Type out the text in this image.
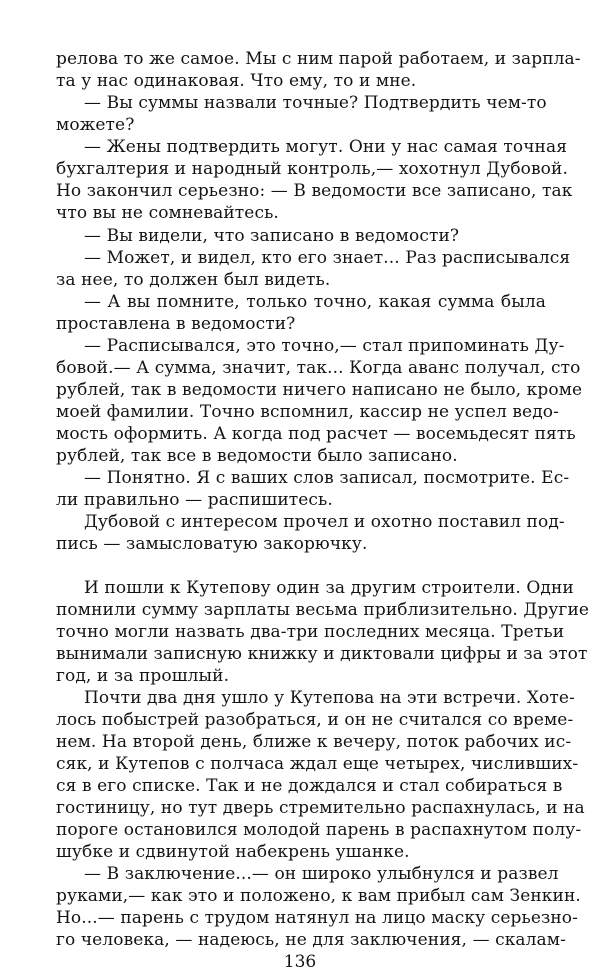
релова то же самое. Мы с ним парой работаем, и зарпла-
та у нас одинаковая. Что ему, то и мне.
— Вы суммы назвали точные? Подтвердить чем-то
можете?
— Жены подтвердить могут. Они у нас самая точная
бухгалтерия и народный контроль,— хохотнул Дубовой.
Но закончил серьезно: — В ведомости все записано, так
что вы не сомневайтесь.
— Вы видели, что записано в ведомости?
— Может, и видел, кто его знает... Раз расписывался
за нее, то должен был видеть.
— А вы помните, только точно, какая сумма была
проставлена в ведомости?
— Расписывался, это точно,— стал припоминать Ду-
бовой.— А сумма, значит, так... Когда аванс получал, сто
рублей, так в ведомости ничего написано не было, кроме
моей фамилии. Точно вспомнил, кассир не успел ведо-
мость оформить. А когда под расчет — восемьдесят пять
рублей, так все в ведомости было записано.
— Понятно. Я с ваших слов записал, посмотрите. Ес-
ли правильно — распишитесь.
Дубовой с интересом прочел и охотно поставил под-
пись — замысловатую закорючку.
И пошли к Кутепову один за другим строители. Одни
помнили сумму зарплаты весьма приблизительно. Другие
точно могли назвать два-три последних месяца. Третьи
вынимали записную книжку и диктовали цифры и за этот
год, и за прошлый.
Почти два дня ушло у Кутепова на эти встречи. Хоте-
лось побыстрей разобраться, и он не считался со време-
нем. На второй день, ближе к вечеру, поток рабочих ис-
сяк, и Кутепов с полчаса ждал еще четырех, числивших-
ся в его списке. Так и не дождался и стал собираться в
гостиницу, но тут дверь стремительно распахнулась, и на
пороге остановился молодой парень в распахнутом полу-
шубке и сдвинутой набекрень ушанке.
— В заключение...— он широко улыбнулся и развел
руками,— как это и положено, к вам прибыл сам Зенкин.
Но...— парень с трудом натянул на лицо маску серьезно-
го человека, — надеюсь, не для заключения, — скалам-
136
